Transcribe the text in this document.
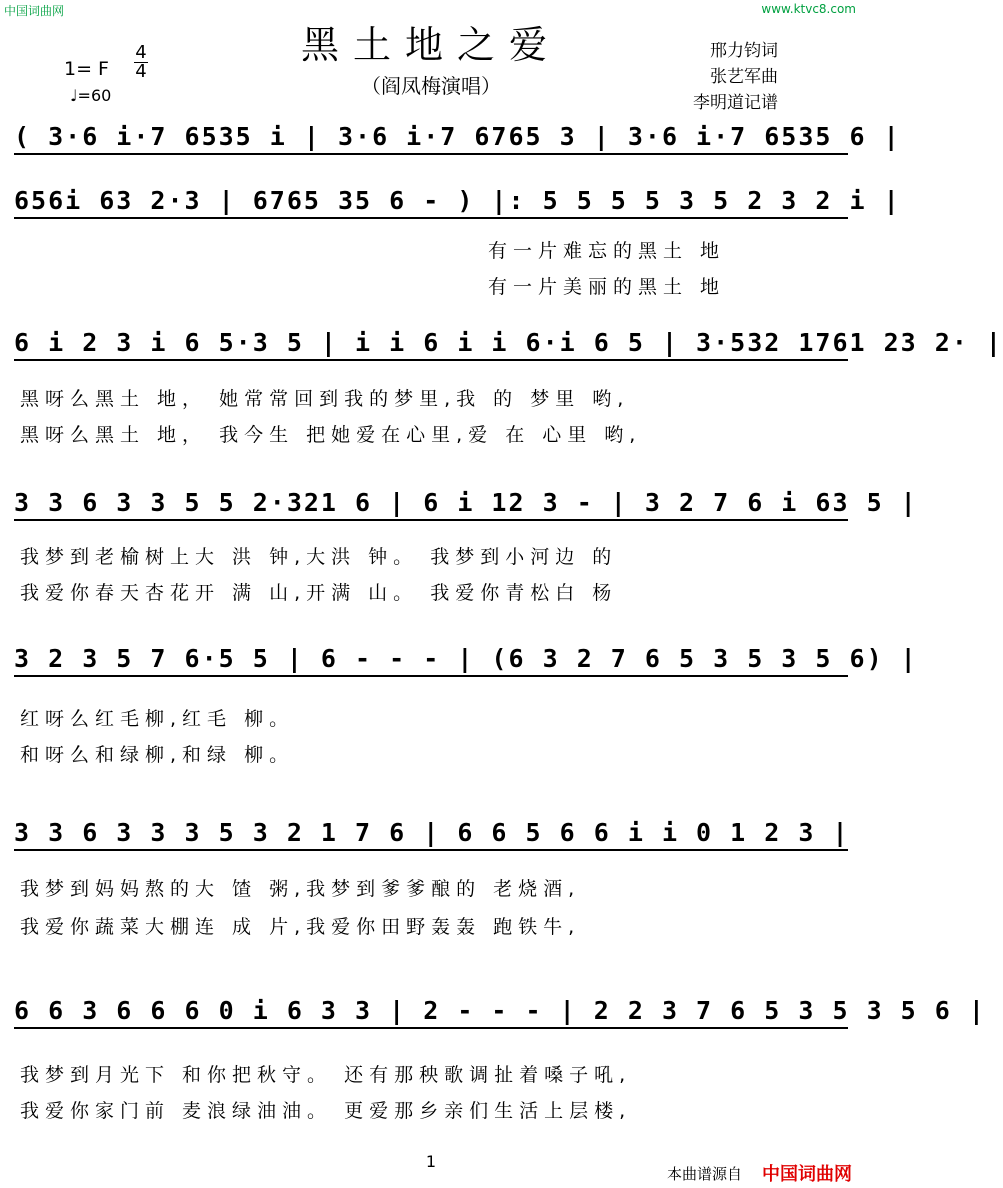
中国词曲网	www.ktvc8.com
黑土地之爱
（阎凤梅演唱）
邢力钧词
张艺军曲
李明道记谱
1= F
4
4
♩=60
( 3·6 i·7 6535 i | 3·6 i·7 6765 3 | 3·6 i·7 6535 6 |
656i 63 2·3 | 6765 35 6 - ) |: 5 5 5 5 3 5 2 3 2 i |
有一片难忘的黑土 地
有一片美丽的黑土 地
6 i 2 3 i 6 5·3 5 | i i 6 i i 6·i 6 5 | 3·532 1761 23 2· |
黑呀么黑土 地， 她常常回到我的梦里,我 的 梦里 哟,
黑呀么黑土 地， 我今生 把她爱在心里,爱 在 心里 哟,
3 3 6 3 3 5 5 2·321 6 | 6 i 12 3 - | 3 2 7 6 i 63 5 |
我梦到老榆树上大 洪 钟,大洪 钟。 我梦到小河边 的
我爱你春天杏花开 满 山,开满 山。 我爱你青松白 杨
3 2 3 5 7 6·5 5 | 6 - - - | (6 3 2 7 6 5 3 5 3 5 6) |
红呀么红毛柳,红毛 柳。
和呀么和绿柳,和绿 柳。
3 3 6 3 3 3 5 3 2 1 7 6 | 6 6 5 6 6 i i 0 1 2 3 |
我梦到妈妈熬的大 馇 粥,我梦到爹爹酿的 老烧酒,
我爱你蔬菜大棚连 成 片,我爱你田野轰轰 跑铁牛,
6 6 3 6 6 6 0 i 6 3 3 | 2 - - - | 2 2 3 7 6 5 3 5 3 5 6 |
我梦到月光下 和你把秋守。 还有那秧歌调扯着嗓子吼,
我爱你家门前 麦浪绿油油。 更爱那乡亲们生活上层楼,
1
本曲谱源自 中国词曲网
